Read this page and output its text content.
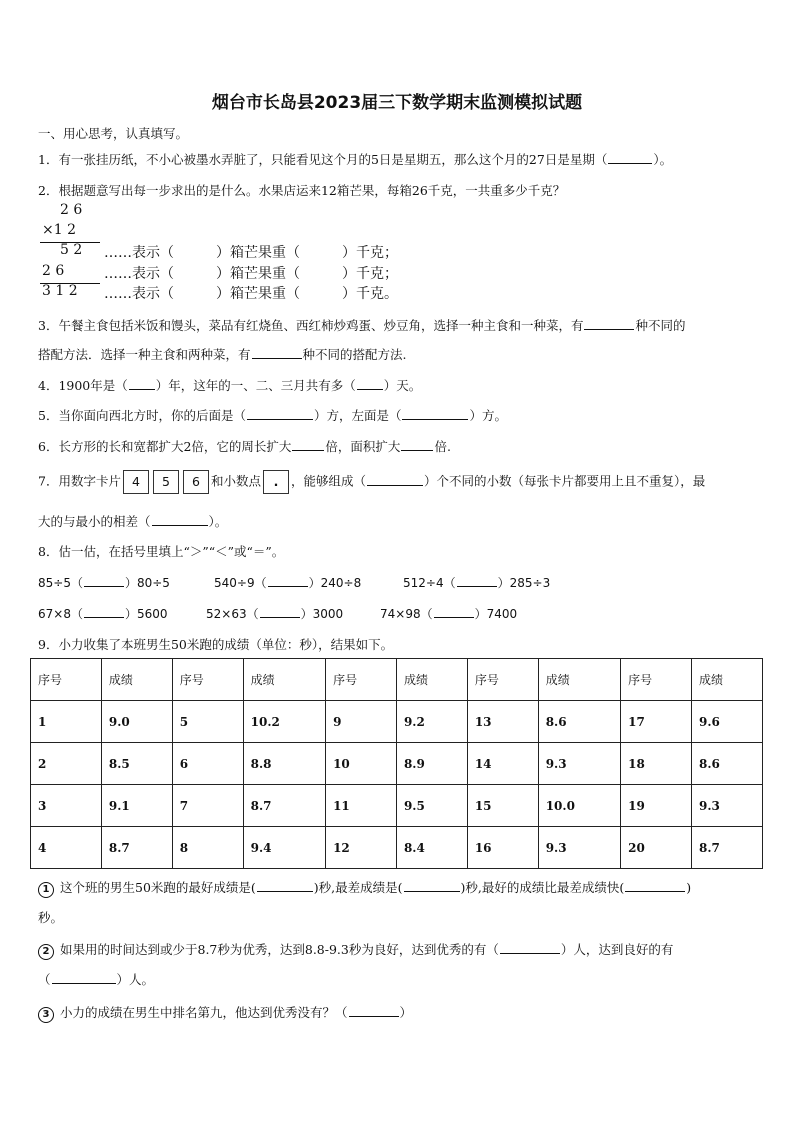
烟台市长岛县2023届三下数学期末监测模拟试题
一、用心思考，认真填写。
1．有一张挂历纸，不小心被墨水弄脏了，只能看见这个月的5日是星期五，那么这个月的27日是星期（	）。
2．根据题意写出每一步求出的是什么。水果店运来12箱芒果，每箱26千克，一共重多少千克？
2 6
×1 2
5 2
2 6
3 1 2
……表示（	）箱芒果重（	）千克；
……表示（	）箱芒果重（	）千克；
……表示（	）箱芒果重（	）千克。
3．午餐主食包括米饭和馒头，菜品有红烧鱼、西红柿炒鸡蛋、炒豆角，选择一种主食和一种菜，有	种不同的
搭配方法．选择一种主食和两种菜，有	种不同的搭配方法.
4．1900年是（ ）年，这年的一、二、三月共有多（ ）天。
5．当你面向西北方时，你的后面是（	）方，左面是（	）方。
6．长方形的长和宽都扩大2倍，它的周长扩大	倍，面积扩大	倍.
7．用数字卡片 4 5 6 和小数点 . ，能够组成（	）个不同的小数（每张卡片都要用上且不重复），最
大的与最小的相差（	）。
8．估一估，在括号里填上“＞”“＜”或“＝”。
85÷5（	）80÷5	540÷9（	）240÷8	512÷4（	）285÷3
67×8（	）5600	52×63（	）3000	74×98（	）7400
9．小力收集了本班男生50米跑的成绩（单位：秒），结果如下。
序号	成绩	序号	成绩	序号	成绩	序号	成绩	序号	成绩
1	9.0	5	10.2	9	9.2	13	8.6	17	9.6
2	8.5	6	8.8	10	8.9	14	9.3	18	8.6
3	9.1	7	8.7	11	9.5	15	10.0	19	9.3
4	8.7	8	9.4	12	8.4	16	9.3	20	8.7
1 这个班的男生50米跑的最好成绩是(	)秒,最差成绩是(	)秒,最好的成绩比最差成绩快(	)
秒。
2 如果用的时间达到或少于8.7秒为优秀，达到8.8-9.3秒为良好，达到优秀的有（	）人，达到良好的有
（	）人。
3 小力的成绩在男生中排名第九，他达到优秀没有？（	）
